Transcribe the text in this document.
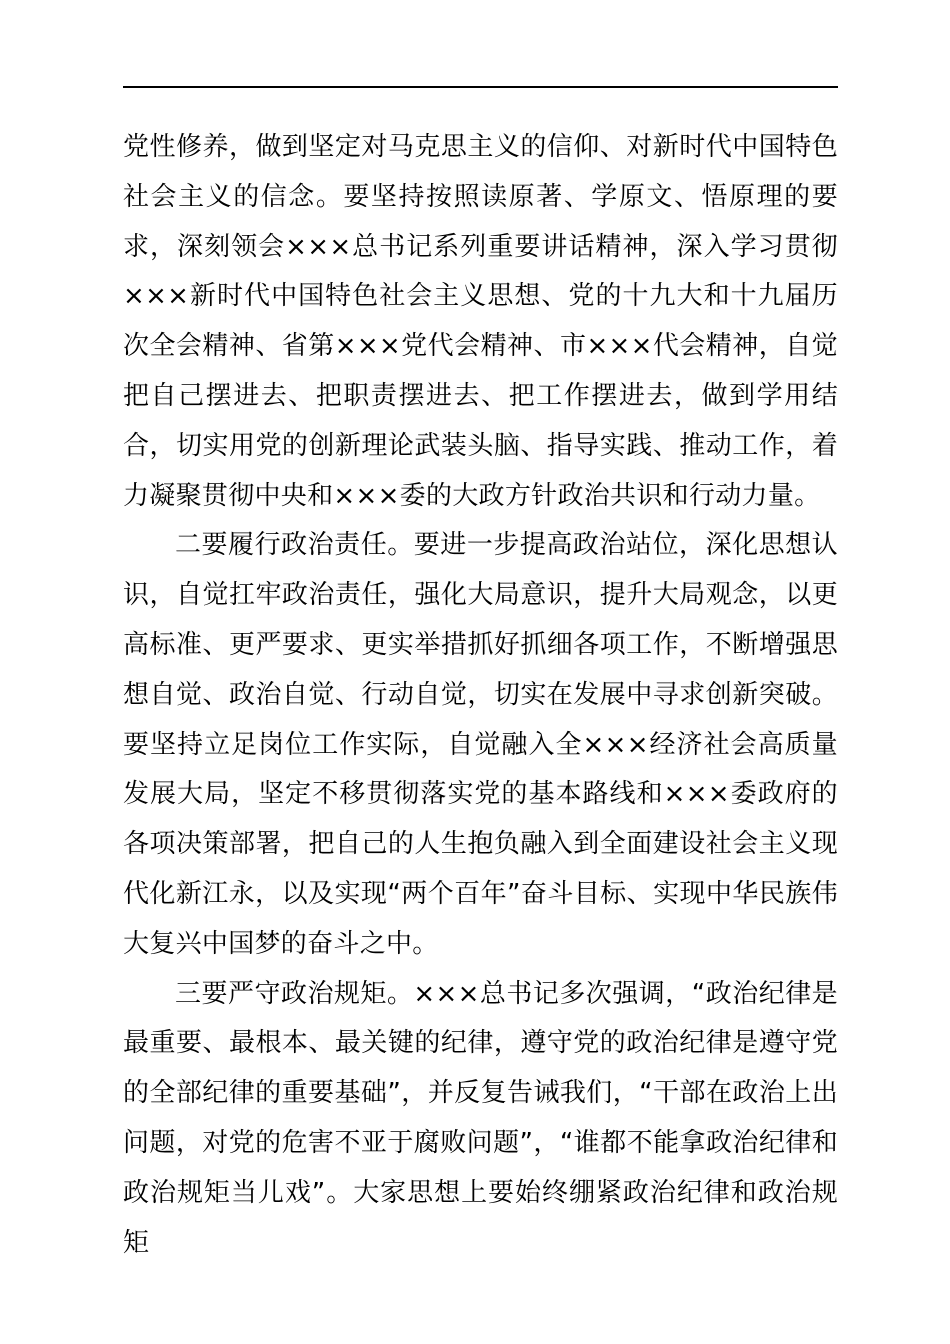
党性修养，做到坚定对马克思主义的信仰、对新时代中国特色社会主义的信念。要坚持按照读原著、学原文、悟原理的要求，深刻领会×××总书记系列重要讲话精神，深入学习贯彻×××新时代中国特色社会主义思想、党的十九大和十九届历次全会精神、省第×××党代会精神、市×××代会精神，自觉把自己摆进去、把职责摆进去、把工作摆进去，做到学用结合，切实用党的创新理论武装头脑、指导实践、推动工作，着力凝聚贯彻中央和×××委的大政方针政治共识和行动力量。

二要履行政治责任。要进一步提高政治站位，深化思想认识，自觉扛牢政治责任，强化大局意识，提升大局观念，以更高标准、更严要求、更实举措抓好抓细各项工作，不断增强思想自觉、政治自觉、行动自觉，切实在发展中寻求创新突破。要坚持立足岗位工作实际，自觉融入全×××经济社会高质量发展大局，坚定不移贯彻落实党的基本路线和×××委政府的各项决策部署，把自己的人生抱负融入到全面建设社会主义现代化新江永，以及实现“两个百年”奋斗目标、实现中华民族伟大复兴中国梦的奋斗之中。

三要严守政治规矩。×××总书记多次强调，“政治纪律是最重要、最根本、最关键的纪律，遵守党的政治纪律是遵守党的全部纪律的重要基础”，并反复告诫我们，“干部在政治上出问题，对党的危害不亚于腐败问题”，“谁都不能拿政治纪律和政治规矩当儿戏”。大家思想上要始终绷紧政治纪律和政治规矩
